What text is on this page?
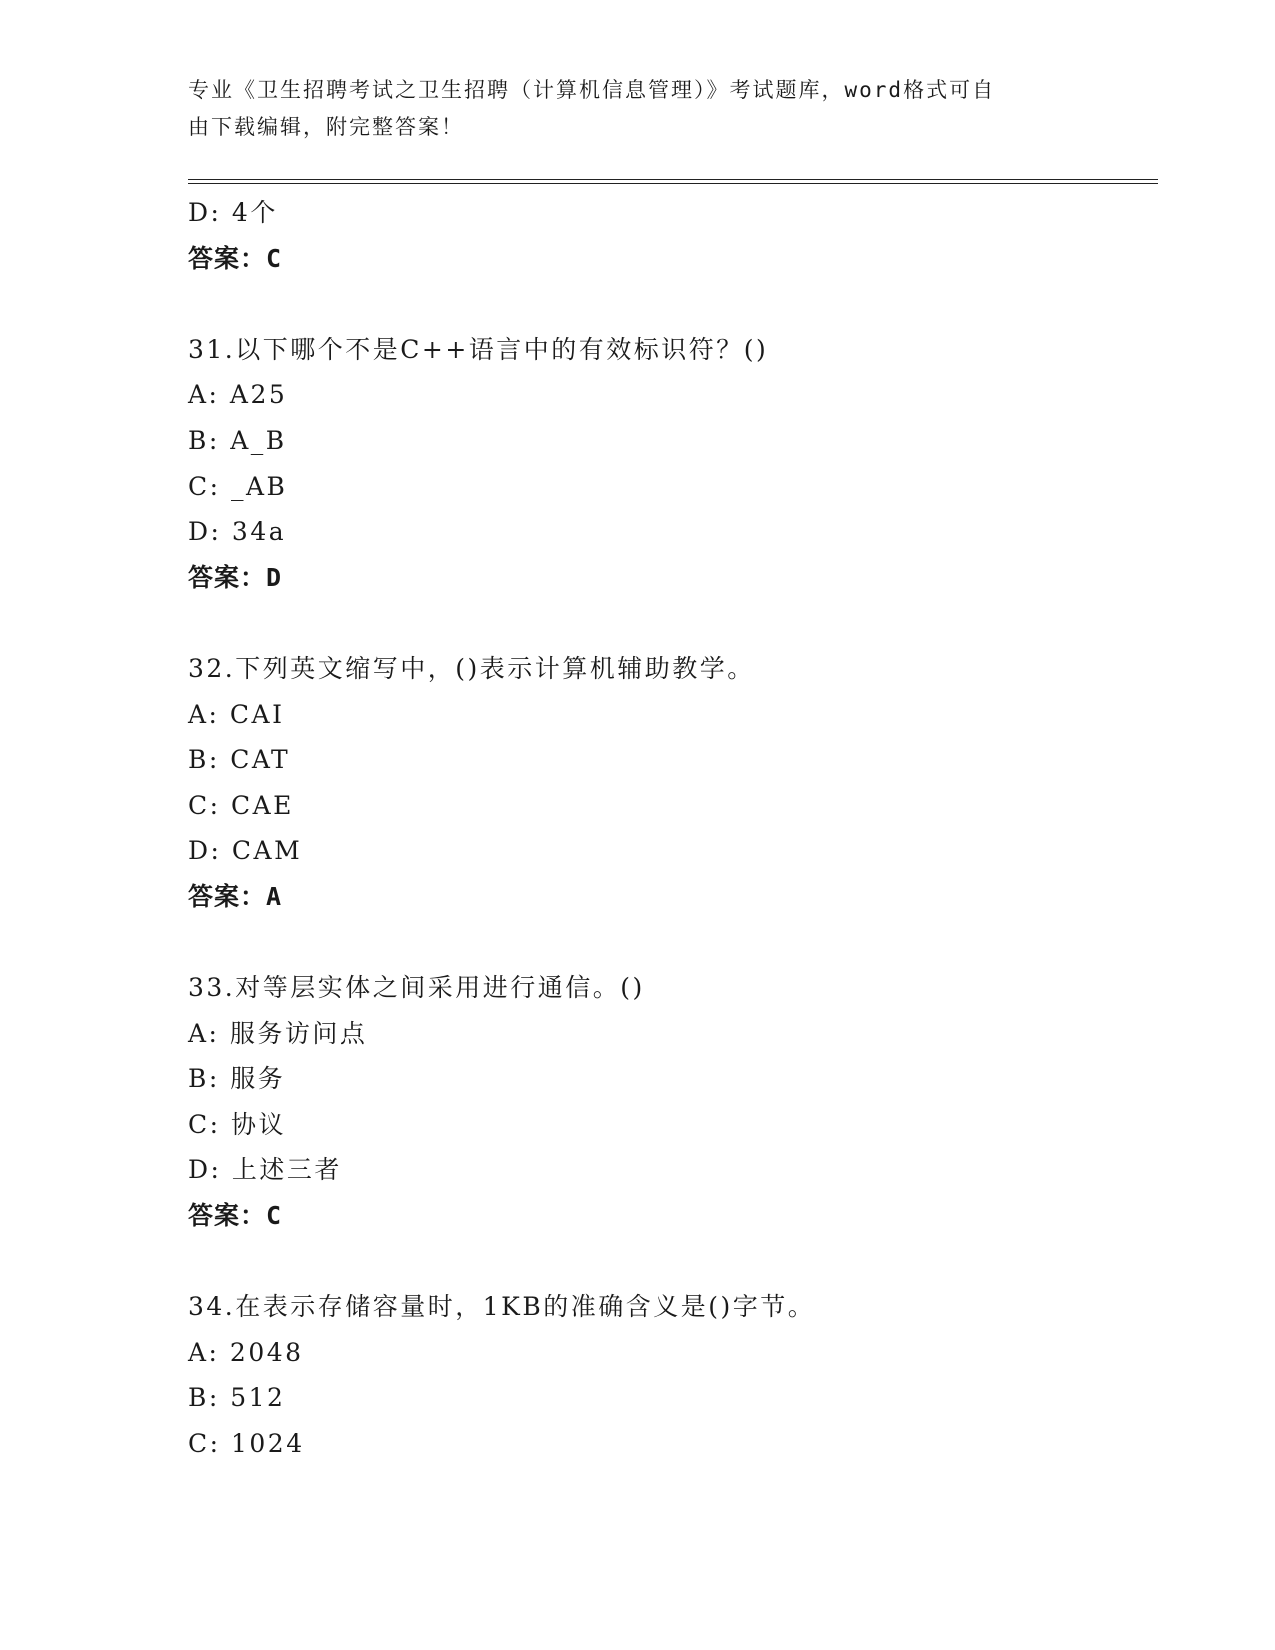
专业《卫生招聘考试之卫生招聘（计算机信息管理）》考试题库，word格式可自
由下载编辑，附完整答案！
D: 4个
答案：C
31.以下哪个不是C++语言中的有效标识符？()
A: A25
B: A_B
C: _AB
D: 34a
答案：D
32.下列英文缩写中，()表示计算机辅助教学。
A: CAI
B: CAT
C: CAE
D: CAM
答案：A
33.对等层实体之间采用进行通信。()
A: 服务访问点
B: 服务
C: 协议
D: 上述三者
答案：C
34.在表示存储容量时，1KB的准确含义是()字节。
A: 2048
B: 512
C: 1024
